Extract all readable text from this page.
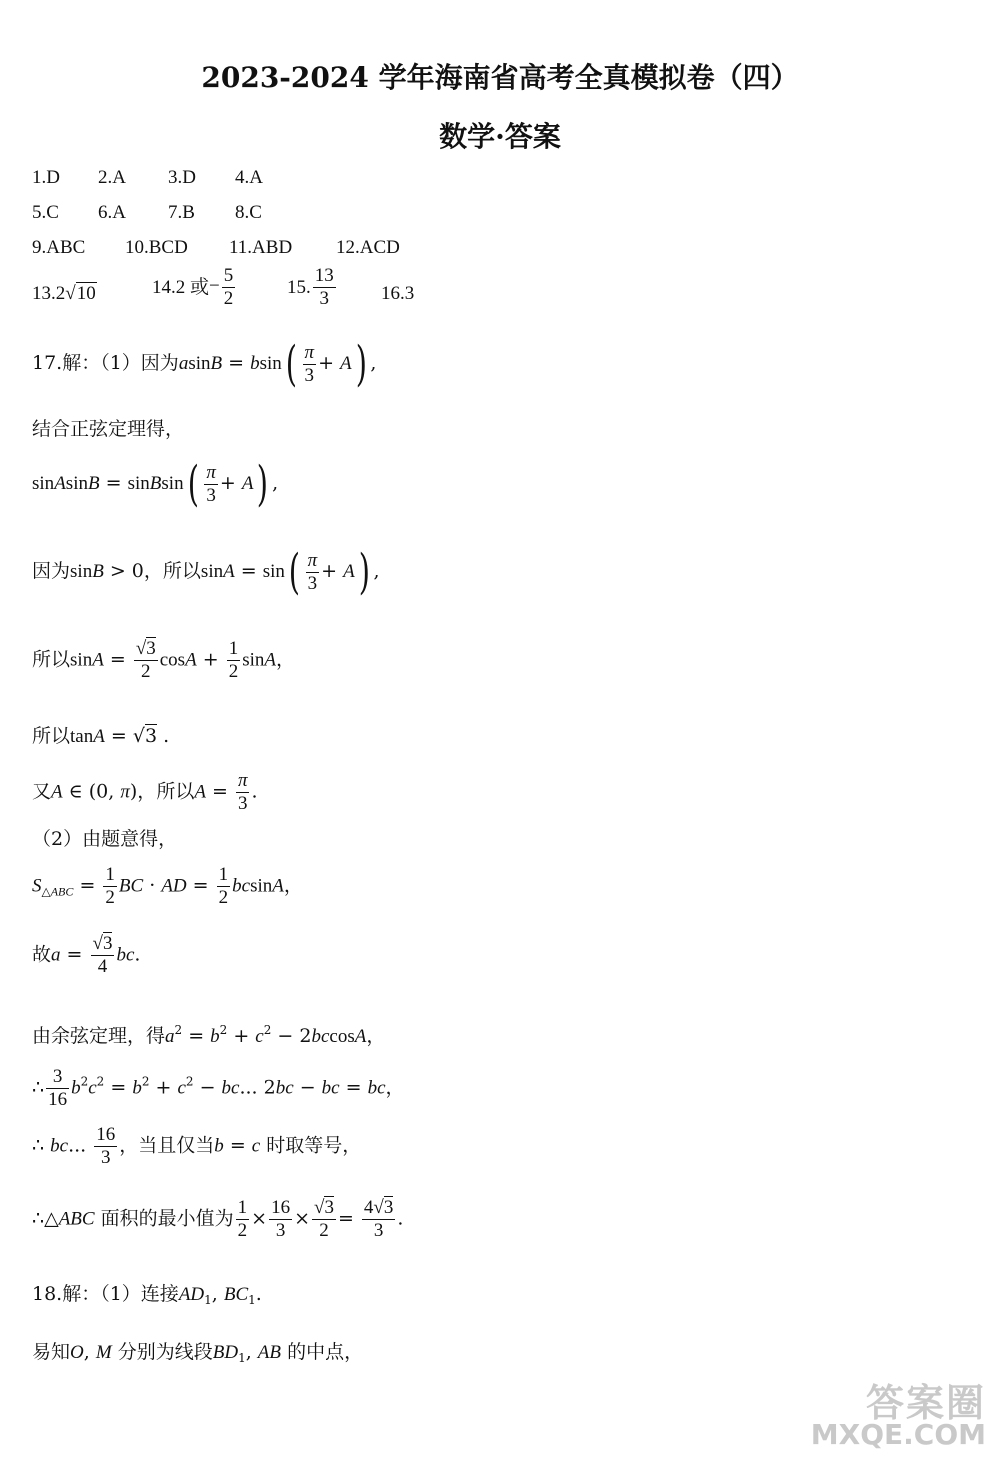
2023-2024 学年海南省高考全真模拟卷（四）
数学·答案
1.D 2.A 3.D 4.A
5.C 6.A 7.B 8.C
9.ABC 10.BCD 11.ABD 12.ACD
13.2√10	14.2 或− $\frac{5}{2}$	15. $\frac{13}{3} 16.3$
17.解：（1）因为$asinB = bsin( \frac{\pi}{3} + A)$ ,
结合正弦定理得，
sinAsinB = sinBsin( $\frac{\pi}{3} + A$) ,
因为sinB > 0，所以$\sin A = \sin( \frac{\pi}{3} + A)$ ,
所以$\sin A = \frac{√3}{2}$ $\cos A + \frac{1}{2}$ sinA，
所以tanA = √3 .
又A ∈ (0, π)，所以$A = \frac{\pi}{3}$ .
（2）由题意得，
$S_{\triangle ABC} = \frac{1}{2}$ BC · AD = $\frac{1}{2}$ bcsinA，
故$a = \frac{√3}{4}$ bc.
由余弦定理，得$a^2 = b^2 + c^2 - 2bccosA$，
∴ $\frac{3}{16} b^2c^2 = b^2 + c^2$ − bc... 2bc − bc = bc，
∴ bc... $\frac{16}{3}$ ，当且仅当b = c 时取等号，
∴△ABC 面积的最小值为 $\frac{1}{2} \times \frac{16}{3} \times \frac{√3}{2} = \frac{4√3}{3}$ .
18.解：（1）连接$AD_1$, $BC_1$.
易知O, M 分别为线段$BD_1$, AB 的中点，
答案圈
MXQE.COM
